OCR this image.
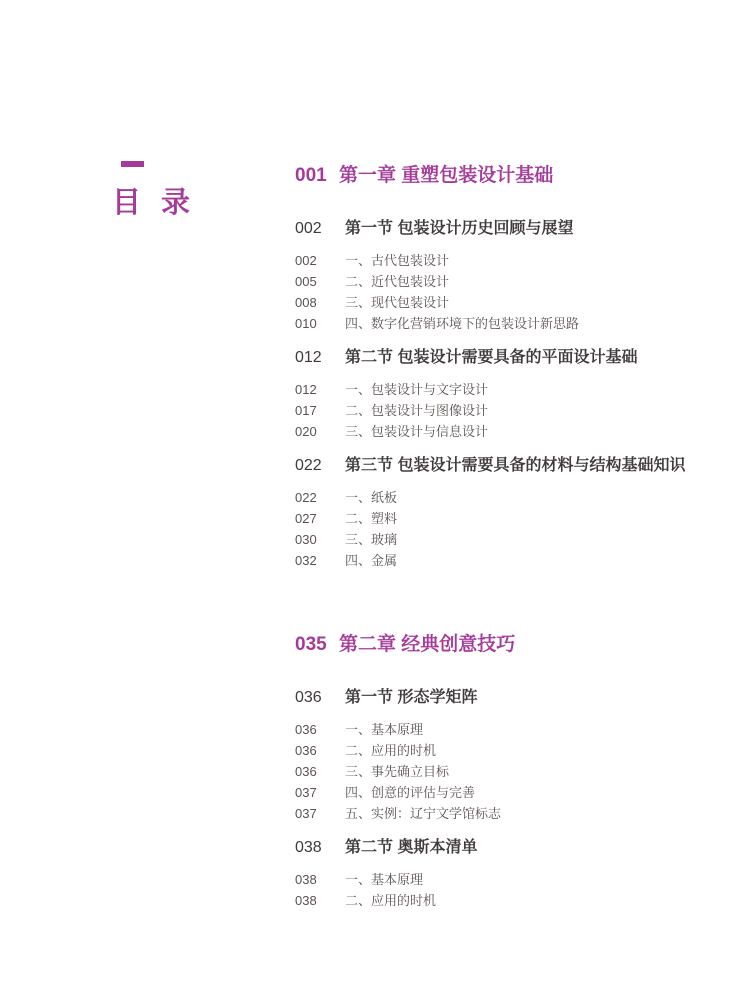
目 录
001 第一章 重塑包装设计基础
002	第一节 包装设计历史回顾与展望
002	一、古代包装设计
005	二、近代包装设计
008	三、现代包装设计
010	四、数字化营销环境下的包装设计新思路
012	第二节 包装设计需要具备的平面设计基础
012	一、包装设计与文字设计
017	二、包装设计与图像设计
020	三、包装设计与信息设计
022	第三节 包装设计需要具备的材料与结构基础知识
022	一、纸板
027	二、塑料
030	三、玻璃
032	四、金属
035 第二章 经典创意技巧
036	第一节 形态学矩阵
036	一、基本原理
036	二、应用的时机
036	三、事先确立目标
037	四、创意的评估与完善
037	五、实例：辽宁文学馆标志
038	第二节 奥斯本清单
038	一、基本原理
038	二、应用的时机
